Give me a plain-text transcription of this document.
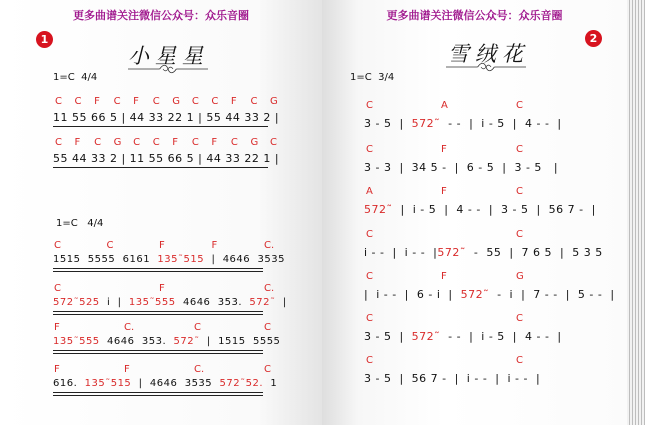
更多曲谱关注微信公众号：众乐音圈
1
小星星
1=C  4/4
C C F C F C G C C F C G
11 55 66 5 | 44 33 22 1 | 55 44 33 2 |
C F C G C C F C F C G C
55 44 33 2 | 11 55 66 5 | 44 33 22 1 |
1=C   4/4
C	C	F	F	C.
1515  5555  6161  135˜515  |  4646  3535
C	F	C.
572˜525  i  |  135˜555  4646  353.  572˜  |
F	C.	C	C
135˜555  4646  353.  572˜  |  1515  5555
F	F	C.	C
616.  135˜515  |  4646  3535  572˜52.  1
更多曲谱关注微信公众号：众乐音圈
2
雪绒花
1=C  3/4
C	A	C
3 - 5  |  572˜  - -  |  i - 5  |  4 - -  |
C	F	C
3 - 3  |  34 5 -  |  6 - 5  |  3 - 5   |
A	F	C
572˜  |  i - 5  |  4 - -  |  3 - 5  |  56 7 -  |
C	C
i - -  |  i - -  |572˜  -  55  |  7 6 5  |  5 3 5
C	F	G
|  i - -  |  6 - i  |  572˜  -  i  |  7 - -  |  5 - -  |
C	C
3 - 5  |  572˜  - -  |  i - 5  |  4 - -  |
C	C
3 - 5  |  56 7 -  |  i - -  |  i - -  |
